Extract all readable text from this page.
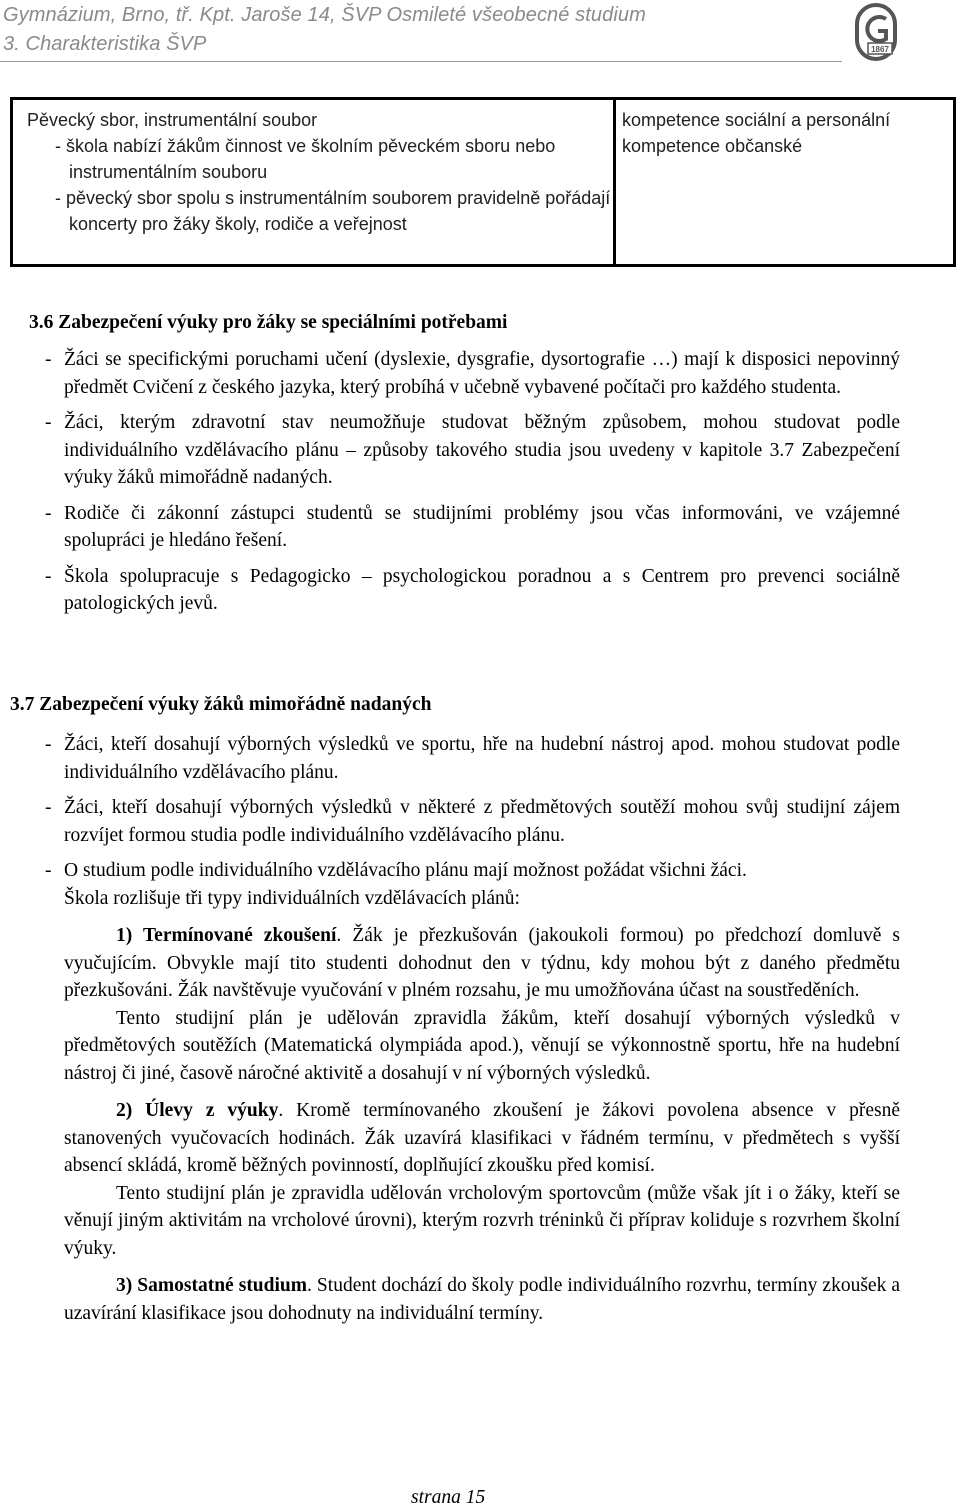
Gymnázium, Brno, tř. Kpt. Jaroše 14, ŠVP Osmileté všeobecné studium
3. Charakteristika ŠVP	1867
Pěvecký sbor, instrumentální soubor
- škola nabízí žákům činnost ve školním pěveckém sboru nebo instrumentálním souboru
- pěvecký sbor spolu s instrumentálním souborem pravidelně pořádají koncerty pro žáky školy, rodiče a veřejnost
kompetence sociální a personální
kompetence občanské
3.6 Zabezpečení výuky pro žáky se speciálními potřebami
- Žáci se specifickými poruchami učení (dyslexie, dysgrafie, dysortografie …) mají k disposici nepovinný předmět Cvičení z českého jazyka, který probíhá v učebně vybavené počítači pro každého studenta.
- Žáci, kterým zdravotní stav neumožňuje studovat běžným způsobem, mohou studovat podle individuálního vzdělávacího plánu – způsoby takového studia jsou uvedeny v kapitole 3.7 Zabezpečení výuky žáků mimořádně nadaných.
- Rodiče či zákonní zástupci studentů se studijními problémy jsou včas informováni, ve vzájemné spolupráci je hledáno řešení.
- Škola spolupracuje s Pedagogicko – psychologickou poradnou a s Centrem pro prevenci sociálně patologických jevů.
3.7 Zabezpečení výuky žáků mimořádně nadaných
- Žáci, kteří dosahují výborných výsledků ve sportu, hře na hudební nástroj apod. mohou studovat podle individuálního vzdělávacího plánu.
- Žáci, kteří dosahují výborných výsledků v některé z předmětových soutěží mohou svůj studijní zájem rozvíjet formou studia podle individuálního vzdělávacího plánu.
- O studium podle individuálního vzdělávacího plánu mají možnost požádat všichni žáci.
Škola rozlišuje tři typy individuálních vzdělávacích plánů:
1) Termínované zkoušení. Žák je přezkušován (jakoukoli formou) po předchozí domluvě s vyučujícím. Obvykle mají tito studenti dohodnut den v týdnu, kdy mohou být z daného předmětu přezkušováni. Žák navštěvuje vyučování v plném rozsahu, je mu umožňována účast na soustředěních.
Tento studijní plán je udělován zpravidla žákům, kteří dosahují výborných výsledků v předmětových soutěžích (Matematická olympiáda apod.), věnují se výkonnostně sportu, hře na hudební nástroj či jiné, časově náročné aktivitě a dosahují v ní výborných výsledků.
2) Úlevy z výuky. Kromě termínovaného zkoušení je žákovi povolena absence v přesně stanovených vyučovacích hodinách. Žák uzavírá klasifikaci v řádném termínu, v předmětech s vyšší absencí skládá, kromě běžných povinností, doplňující zkoušku před komisí.
Tento studijní plán je zpravidla udělován vrcholovým sportovcům (může však jít i o žáky, kteří se věnují jiným aktivitám na vrcholové úrovni), kterým rozvrh tréninků či příprav koliduje s rozvrhem školní výuky.
3) Samostatné studium. Student dochází do školy podle individuálního rozvrhu, termíny zkoušek a uzavírání klasifikace jsou dohodnuty na individuální termíny.
strana 15
